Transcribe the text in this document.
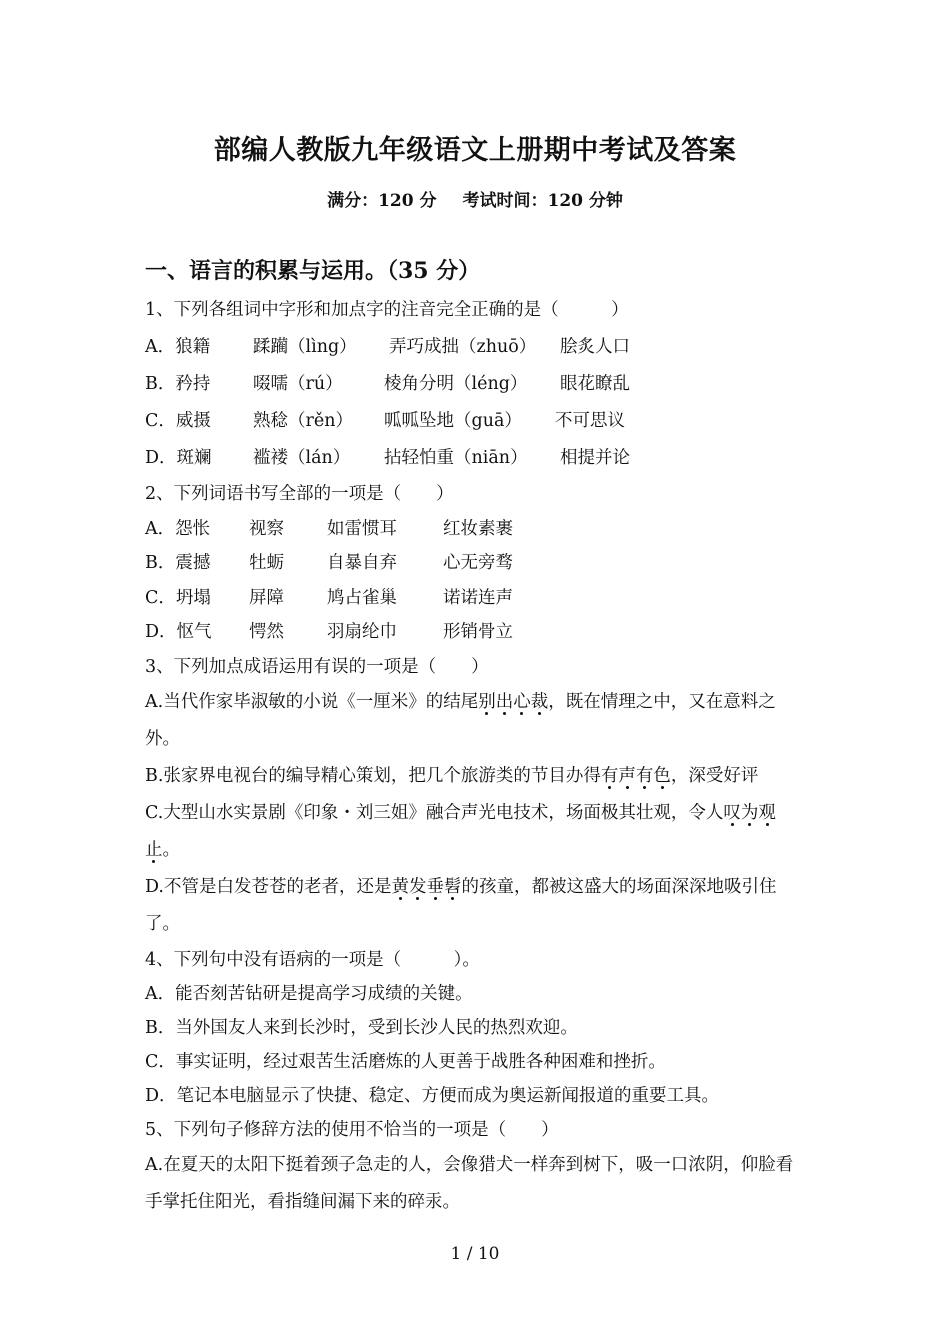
部编人教版九年级语文上册期中考试及答案
满分：120 分 考试时间：120 分钟
一、语言的积累与运用。（35 分）
1、下列各组词中字形和加点字的注音完全正确的是（　　　）
A．狼籍 蹂躏（lìng） 弄巧成拙（zhuō） 脍炙人口
B．矜持 啜嚅（rú） 棱角分明（léng） 眼花瞭乱
C．威摄 熟稔（rěn） 呱呱坠地（guā） 不可思议
D．斑斓 褴褛（lán） 拈轻怕重（niān） 相提并论
2、下列词语书写全部的一项是（　　）
A．怨怅 视察 如雷惯耳	红妆素裹
B．震撼 牡蛎 自暴自弃	心无旁骛
C．坍塌 屏障 鸠占雀巢	诺诺连声
D．怄气 愕然 羽扇纶巾	形销骨立
3、下列加点成语运用有误的一项是（　　）
A.当代作家毕淑敏的小说《一厘米》的结尾别出心裁，既在情理之中，又在意料之外。
B.张家界电视台的编导精心策划，把几个旅游类的节目办得有声有色，深受好评
C.大型山水实景剧《印象・刘三姐》融合声光电技术，场面极其壮观，令人叹为观止。
D.不管是白发苍苍的老者，还是黄发垂髫的孩童，都被这盛大的场面深深地吸引住了。
4、下列句中没有语病的一项是（　　　）。
A．能否刻苦钻研是提高学习成绩的关键。
B．当外国友人来到长沙时，受到长沙人民的热烈欢迎。
C．事实证明，经过艰苦生活磨炼的人更善于战胜各种困难和挫折。
D．笔记本电脑显示了快捷、稳定、方便而成为奥运新闻报道的重要工具。
5、下列句子修辞方法的使用不恰当的一项是（　　）
A.在夏天的太阳下挺着颈子急走的人，会像猎犬一样奔到树下，吸一口浓阴，仰脸看手掌托住阳光，看指缝间漏下来的碎汞。
1 / 10
